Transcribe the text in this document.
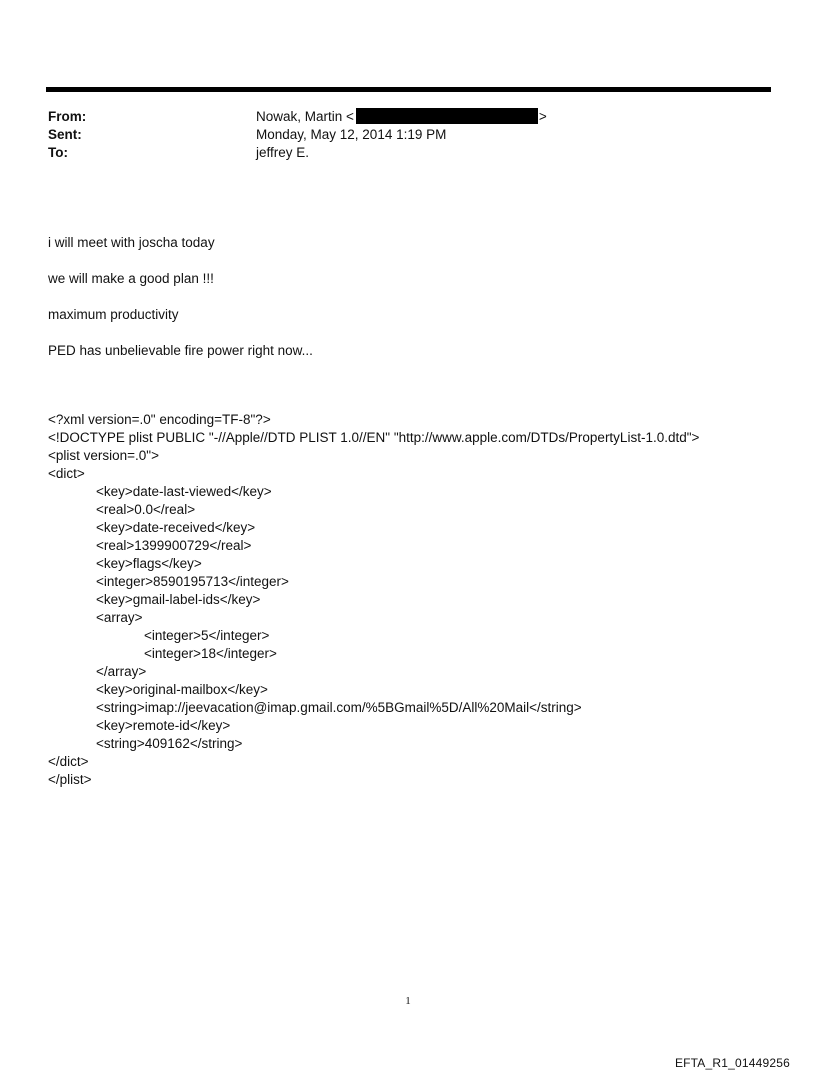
From:	Nowak, Martin <	>
Sent:	Monday, May 12, 2014 1:19 PM
To:	jeffrey E.
i will meet with joscha today
we will make a good plan !!!
maximum productivity
PED has unbelievable fire power right now...
<?xml version=.0" encoding=TF-8"?>
<!DOCTYPE plist PUBLIC "-//Apple//DTD PLIST 1.0//EN" "http://www.apple.com/DTDs/PropertyList-1.0.dtd">
<plist version=.0">
<dict>
<key>date-last-viewed</key>
<real>0.0</real>
<key>date-received</key>
<real>1399900729</real>
<key>flags</key>
<integer>8590195713</integer>
<key>gmail-label-ids</key>
<array>
<integer>5</integer>
<integer>18</integer>
</array>
<key>original-mailbox</key>
<string>imap://jeevacation@imap.gmail.com/%5BGmail%5D/All%20Mail</string>
<key>remote-id</key>
<string>409162</string>
</dict>
</plist>
1
EFTA_R1_01449256
